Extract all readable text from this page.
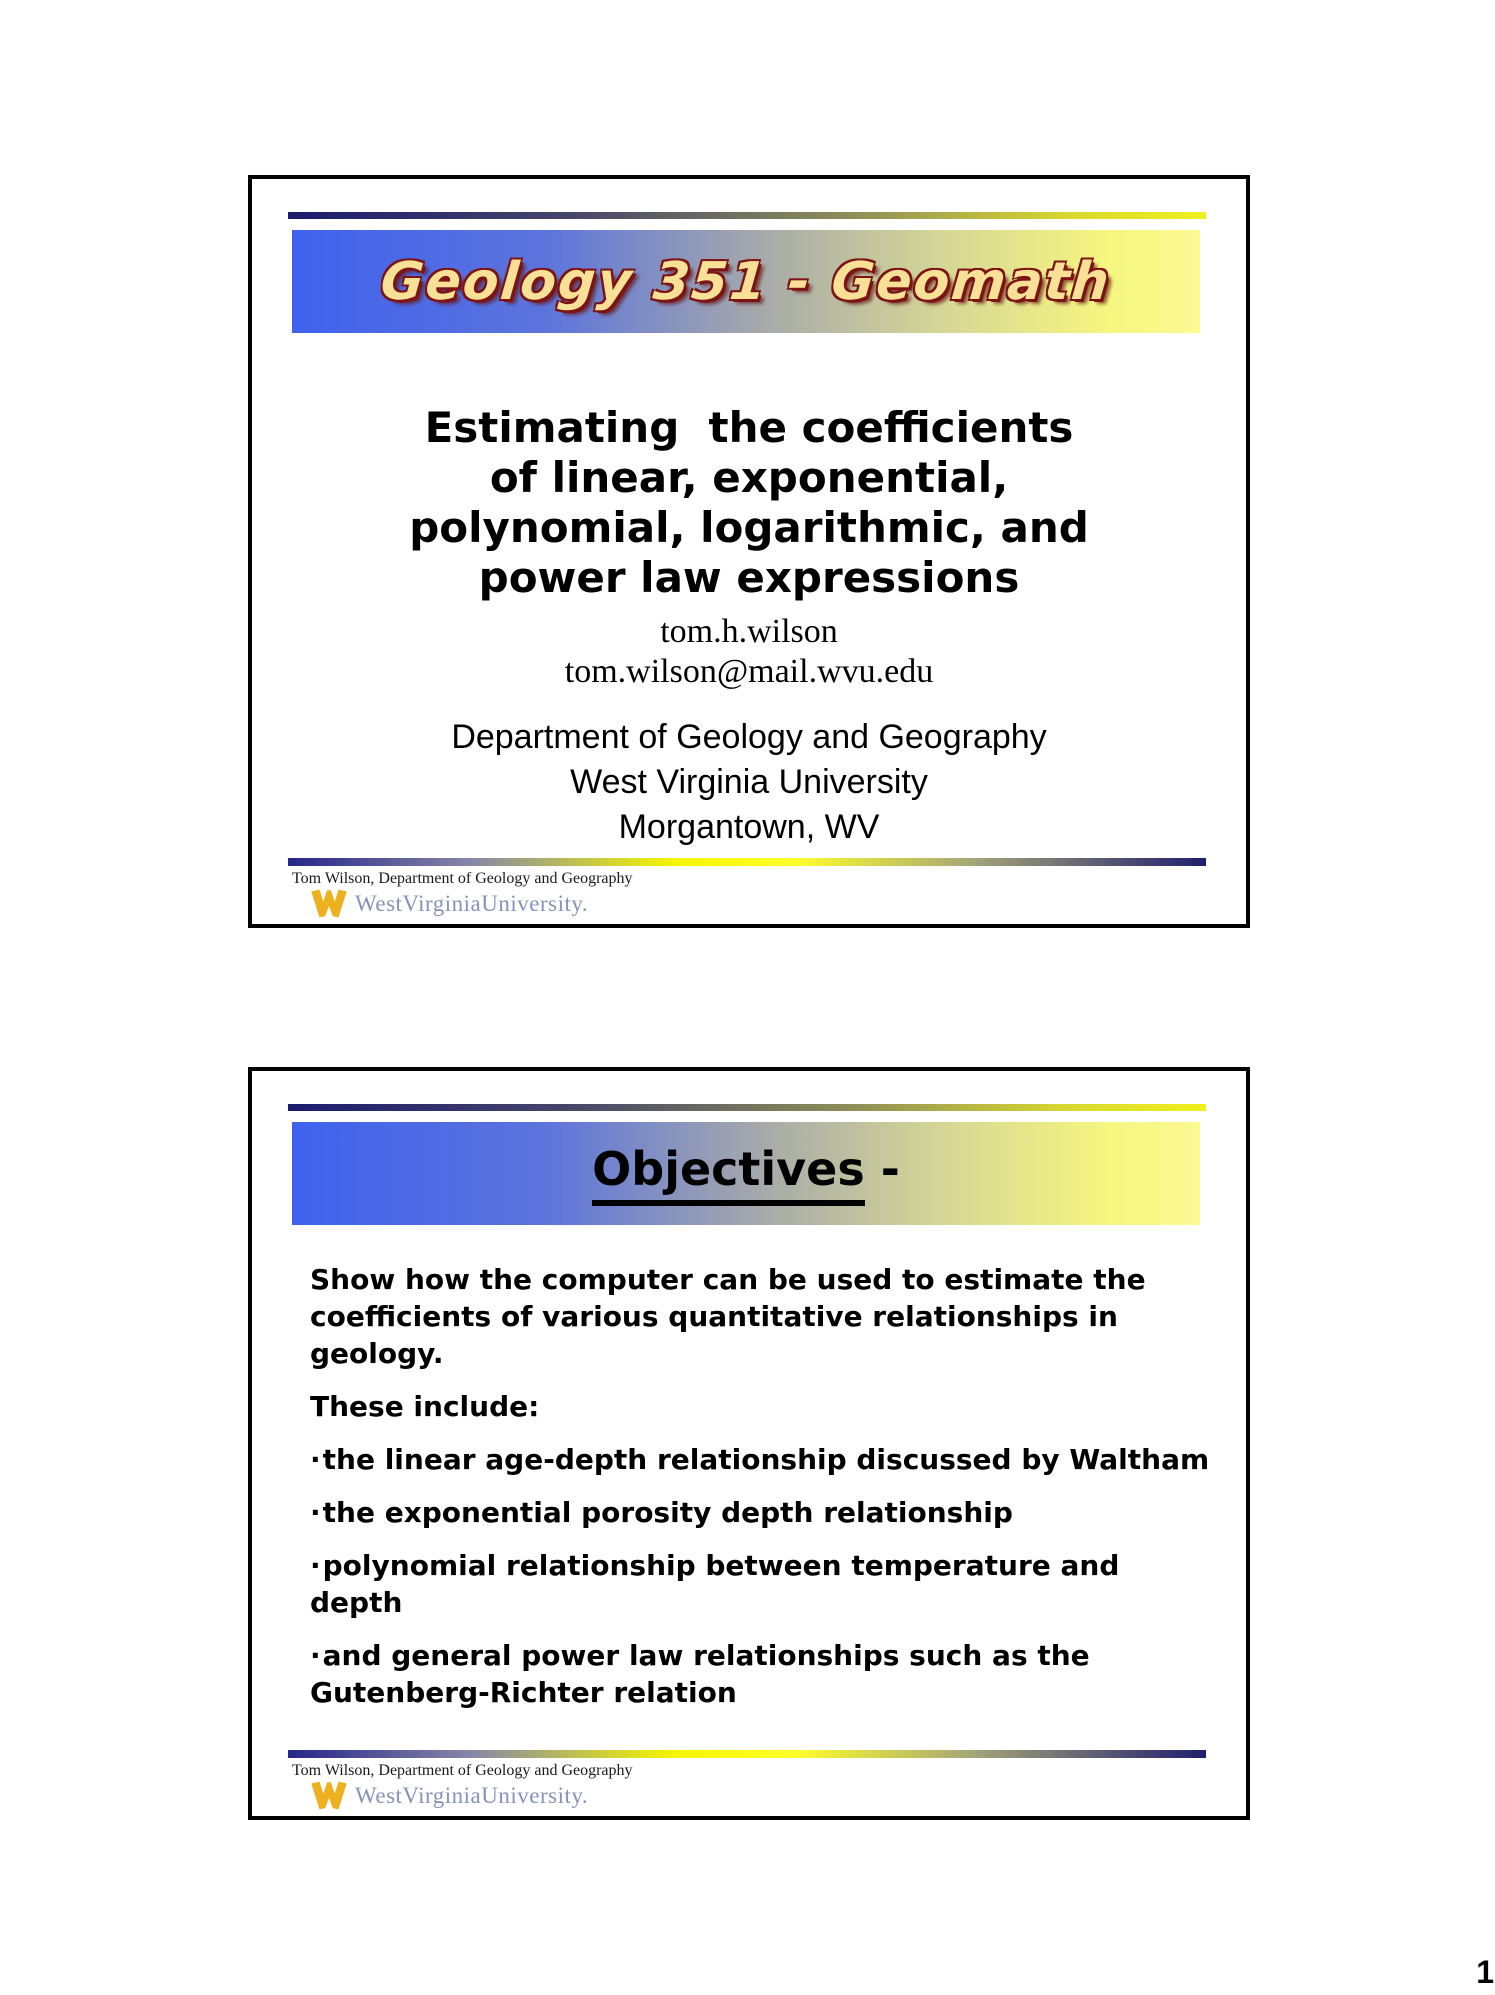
Geology 351 - Geomath
Estimating  the coefficients
of linear, exponential,
polynomial, logarithmic, and
power law expressions
tom.h.wilson
tom.wilson@mail.wvu.edu
Department of Geology and Geography
West Virginia University
Morgantown, WV
Tom Wilson, Department of Geology and Geography
WestVirginiaUniversity.
Objectives -
Show how the computer can be used to estimate the
coefficients of various quantitative relationships in
geology.
These include:
·the linear age-depth relationship discussed by Waltham
·the exponential porosity depth relationship
·polynomial relationship between temperature and depth
·and general power law relationships such as the
Gutenberg-Richter relation
Tom Wilson, Department of Geology and Geography
WestVirginiaUniversity.
1
